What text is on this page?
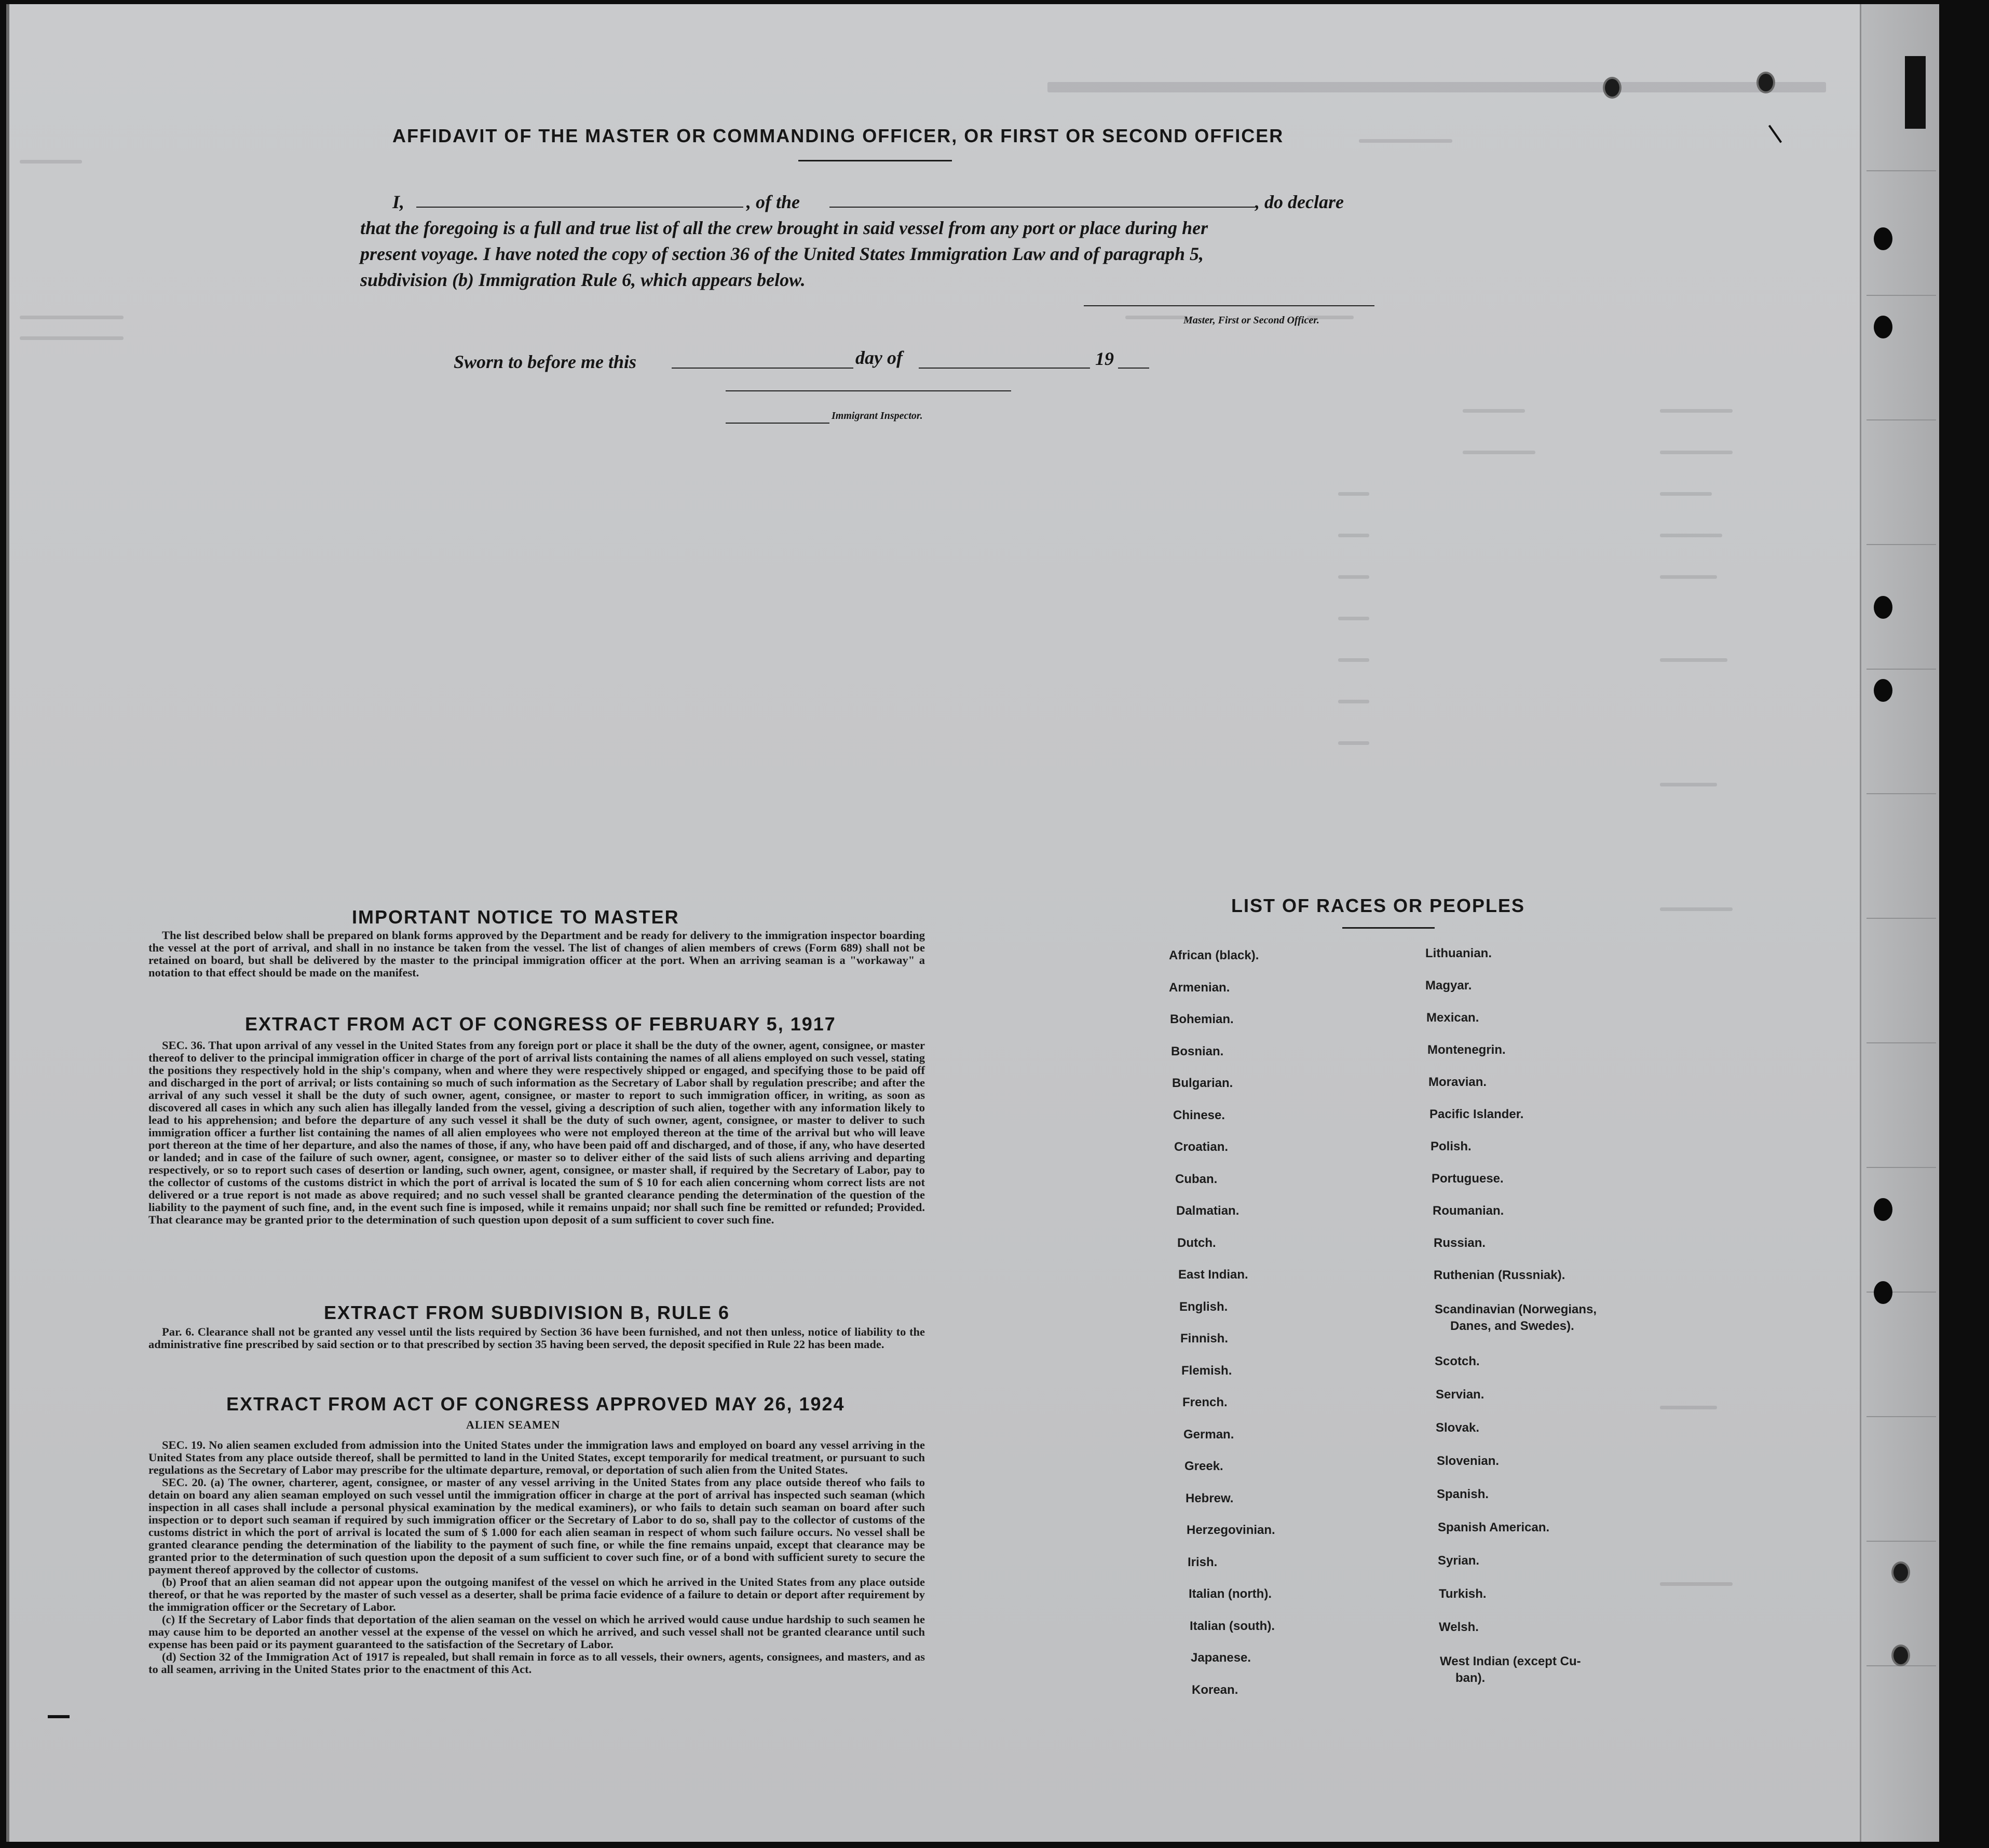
AFFIDAVIT OF THE MASTER OR COMMANDING OFFICER, OR FIRST OR SECOND OFFICER
I,	, of the	, do declare
that the foregoing is a full and true list of all the crew brought in said vessel from any port or place during her
present voyage. I have noted the copy of section 36 of the United States Immigration Law and of paragraph 5,
subdivision (b) Immigration Rule 6, which appears below.
Master, First or Second Officer.
Sworn to before me this	day of	19
Immigrant Inspector.
IMPORTANT NOTICE TO MASTER

The list described below shall be prepared on blank forms approved by the Department and be ready for delivery to the immigration inspector boarding the vessel at the port of arrival, and shall in no instance be taken from the vessel. The list of changes of alien members of crews (Form 689) shall not be retained on board, but shall be delivered by the master to the principal immigration officer at the port. When an arriving seaman is a "workaway" a notation to that effect should be made on the manifest.

EXTRACT FROM ACT OF CONGRESS OF FEBRUARY 5, 1917

SEC. 36. That upon arrival of any vessel in the United States from any foreign port or place it shall be the duty of the owner, agent, consignee, or master thereof to deliver to the principal immigration officer in charge of the port of arrival lists containing the names of all aliens employed on such vessel, stating the positions they respectively hold in the ship's company, when and where they were respectively shipped or engaged, and specifying those to be paid off and discharged in the port of arrival; or lists containing so much of such information as the Secretary of Labor shall by regulation prescribe; and after the arrival of any such vessel it shall be the duty of such owner, agent, consignee, or master to report to such immigration officer, in writing, as soon as discovered all cases in which any such alien has illegally landed from the vessel, giving a description of such alien, together with any information likely to lead to his apprehension; and before the departure of any such vessel it shall be the duty of such owner, agent, consignee, or master to deliver to such immigration officer a further list containing the names of all alien employees who were not employed thereon at the time of the arrival but who will leave port thereon at the time of her departure, and also the names of those, if any, who have been paid off and discharged, and of those, if any, who have deserted or landed; and in case of the failure of such owner, agent, consignee, or master so to deliver either of the said lists of such aliens arriving and departing respectively, or so to report such cases of desertion or landing, such owner, agent, consignee, or master shall, if required by the Secretary of Labor, pay to the collector of customs of the customs district in which the port of arrival is located the sum of $ 10 for each alien concerning whom correct lists are not delivered or a true report is not made as above required; and no such vessel shall be granted clearance pending the determination of the question of the liability to the payment of such fine, and, in the event such fine is imposed, while it remains unpaid; nor shall such fine be remitted or refunded; Provided. That clearance may be granted prior to the determination of such question upon deposit of a sum sufficient to cover such fine.

EXTRACT FROM SUBDIVISION B, RULE 6

Par. 6. Clearance shall not be granted any vessel until the lists required by Section 36 have been furnished, and not then unless, notice of liability to the administrative fine prescribed by said section or to that prescribed by section 35 having been served, the deposit specified in Rule 22 has been made.

EXTRACT FROM ACT OF CONGRESS APPROVED MAY 26, 1924
ALIEN SEAMEN

SEC. 19. No alien seamen excluded from admission into the United States under the immigration laws and employed on board any vessel arriving in the United States from any place outside thereof, shall be permitted to land in the United States, except temporarily for medical treatment, or pursuant to such regulations as the Secretary of Labor may prescribe for the ultimate departure, removal, or deportation of such alien from the United States.

SEC. 20. (a) The owner, charterer, agent, consignee, or master of any vessel arriving in the United States from any place outside thereof who fails to detain on board any alien seaman employed on such vessel until the immigration officer in charge at the port of arrival has inspected such seaman (which inspection in all cases shall include a personal physical examination by the medical examiners), or who fails to detain such seaman on board after such inspection or to deport such seaman if required by such immigration officer or the Secretary of Labor to do so, shall pay to the collector of customs of the customs district in which the port of arrival is located the sum of $ 1.000 for each alien seaman in respect of whom such failure occurs. No vessel shall be granted clearance pending the determination of the liability to the payment of such fine, or while the fine remains unpaid, except that clearance may be granted prior to the determination of such question upon the deposit of a sum sufficient to cover such fine, or of a bond with sufficient surety to secure the payment thereof approved by the collector of customs.

(b) Proof that an alien seaman did not appear upon the outgoing manifest of the vessel on which he arrived in the United States from any place outside thereof, or that he was reported by the master of such vessel as a deserter, shall be prima facie evidence of a failure to detain or deport after requirement by the immigration officer or the Secretary of Labor.

(c) If the Secretary of Labor finds that deportation of the alien seaman on the vessel on which he arrived would cause undue hardship to such seamen he may cause him to be deported an another vessel at the expense of the vessel on which he arrived, and such vessel shall not be granted clearance until such expense has been paid or its payment guaranteed to the satisfaction of the Secretary of Labor.

(d) Section 32 of the Immigration Act of 1917 is repealed, but shall remain in force as to all vessels, their owners, agents, consignees, and masters, and as to all seamen, arriving in the United States prior to the enactment of this Act.

LIST OF RACES OR PEOPLES
African (black).
Armenian.
Bohemian.
Bosnian.
Bulgarian.
Chinese.
Croatian.
Cuban.
Dalmatian.
Dutch.
East Indian.
English.
Finnish.
Flemish.
French.
German.
Greek.
Hebrew.
Herzegovinian.
Irish.
Italian (north).
Italian (south).
Japanese.
Korean.
Lithuanian.
Magyar.
Mexican.
Montenegrin.
Moravian.
Pacific Islander.
Polish.
Portuguese.
Roumanian.
Russian.
Ruthenian (Russniak).
Scandinavian (Norwegians,
Danes, and Swedes).
Scotch.
Servian.
Slovak.
Slovenian.
Spanish.
Spanish American.
Syrian.
Turkish.
Welsh.
West Indian (except Cu-
ban).
